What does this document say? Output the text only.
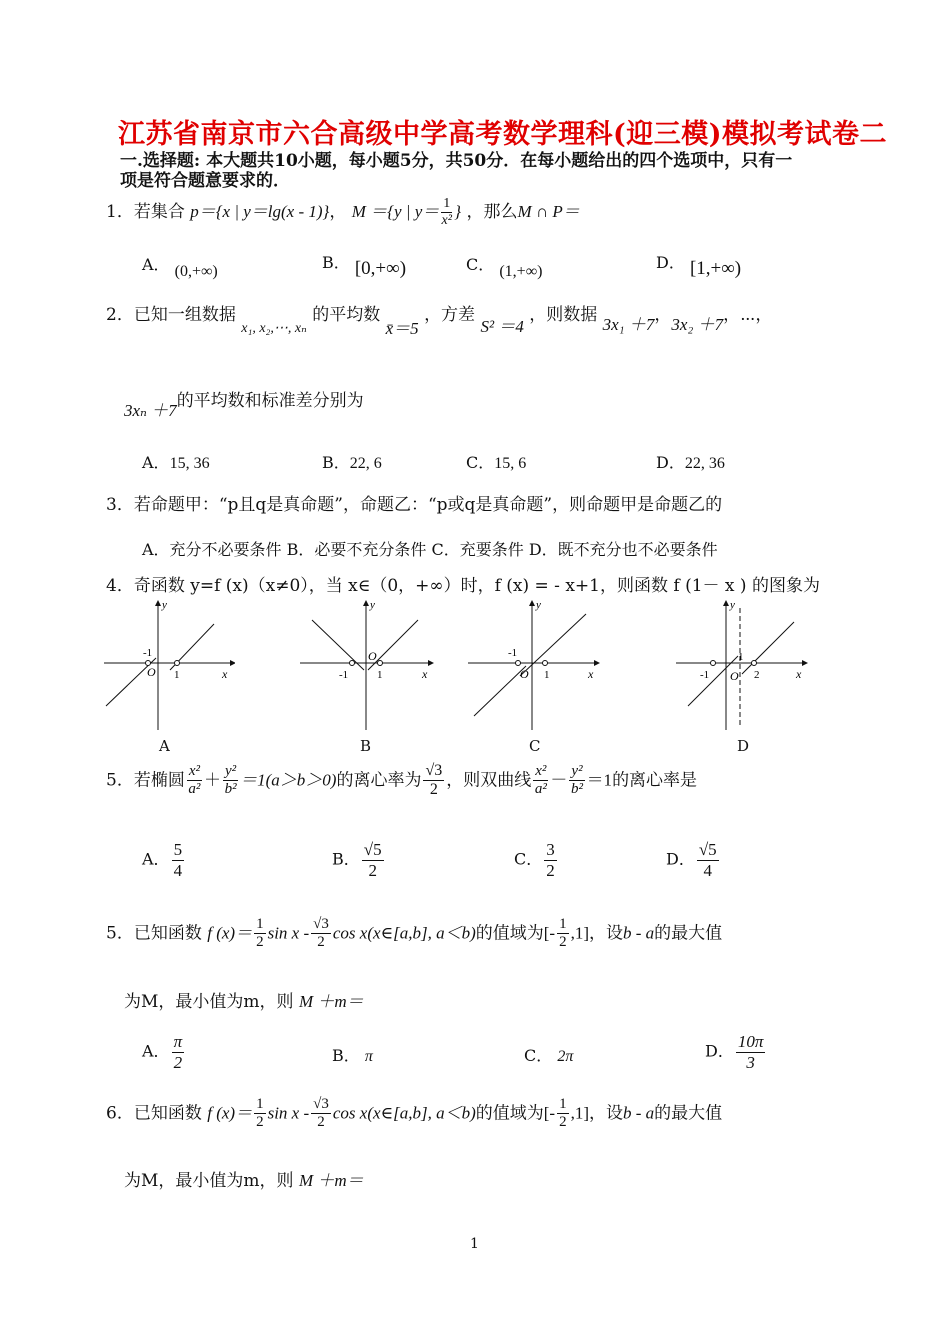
江苏省南京市六合高级中学高考数学理科(迎三模)模拟考试卷二
一.选择题: 本大题共10小题，每小题5分，共50分．在每小题给出的四个选项中，只有一
项是符合题意要求的．
1．若集合 p＝{x | y＝lg(x - 1)}， M ＝{y | $y= \frac{1}{\text{x²}}$ } ，那么M ∩ P＝
A． (0,+∞)	B． [0,+∞)	C． (1,+∞)	D． [1,+∞)
2．已知一组数据 $_{x_1, x_2,\cdots, x_n}$ 的平均数 x̄＝5 ，方差 S² ＝4 ，则数据 3x₁ ＋7，3x₂ ＋7，⋯，
3xₙ ＋7的平均数和标准差分别为
A．15, 36	B．22, 6	C．15, 6	D．22, 36
3．若命题甲：“p且q是真命题”，命题乙：“p或q是真命题”，则命题甲是命题乙的
A．充分不必要条件 B．必要不充分条件 C．充要条件 D．既不充分也不必要条件
4．奇函数 y=f (x)（x≠0），当 x∈（0，+∞）时，f (x) = - x+1，则函数 f (1－ x ) 的图象为
y
x
-1
O 1
A
y
x
-1
O
1
B
y
x
-1
O 1
C
y
x
-1 O
1
2
D
5．若椭圆 $\frac{\text{x²}}{\text{a²}} + \frac{\text{y²}}{\text{b²}} =1(a>b>0)$的离心率为 $\frac{√3}{2}$ ，则双曲线 $\frac{\text{x²}}{\text{a²}} - \frac{\text{y²}}{\text{b²}} =1$的离心率是
A． $\frac{5}{4}$	B． $\frac{√5}{2}$	C． $\frac{3}{2}$	D． $\frac{√5}{4}$
5．已知函数 f $(x)= \frac{1}{2}$ sin x - $\frac{√3}{2}$ cos x(x∈[a,b], a＜b)的值域为[- $\frac{1}{2} ,1$]，设b - a的最大值
为M，最小值为m，则 M ＋m＝
A． $\frac{\pi}{2}$	B． π	C． 2π	D． $\frac{10\pi}{3}$
6．已知函数 f $(x)= \frac{1}{2}$ sin x - $\frac{√3}{2}$ cos x(x∈[a,b], a＜b)的值域为[- $\frac{1}{2} ,1$]，设b - a的最大值
为M，最小值为m，则 M ＋m＝
1
